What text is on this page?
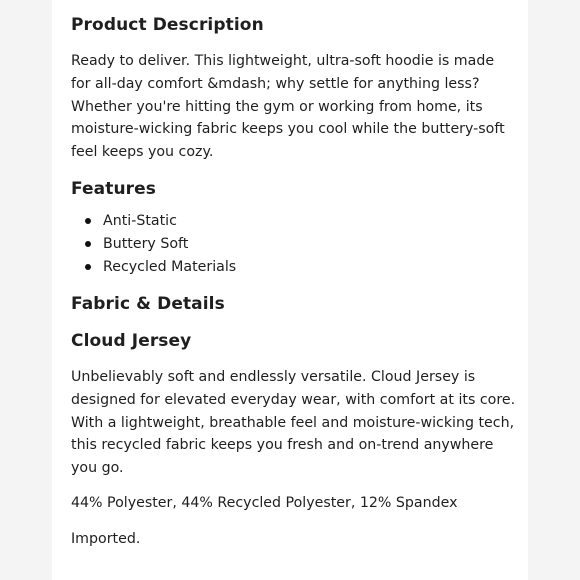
Product Description

Ready to deliver. This lightweight, ultra-soft hoodie is made for all-day comfort &mdash; why settle for anything less? Whether you're hitting the gym or working from home, its moisture-wicking fabric keeps you cool while the buttery-soft feel keeps you cozy.

Features
Anti-Static
Buttery Soft
Recycled Materials
Fabric & Details
Cloud Jersey

Unbelievably soft and endlessly versatile. Cloud Jersey is designed for elevated everyday wear, with comfort at its core. With a lightweight, breathable feel and moisture-wicking tech, this recycled fabric keeps you fresh and on-trend anywhere you go.

44% Polyester, 44% Recycled Polyester, 12% Spandex

Imported.
